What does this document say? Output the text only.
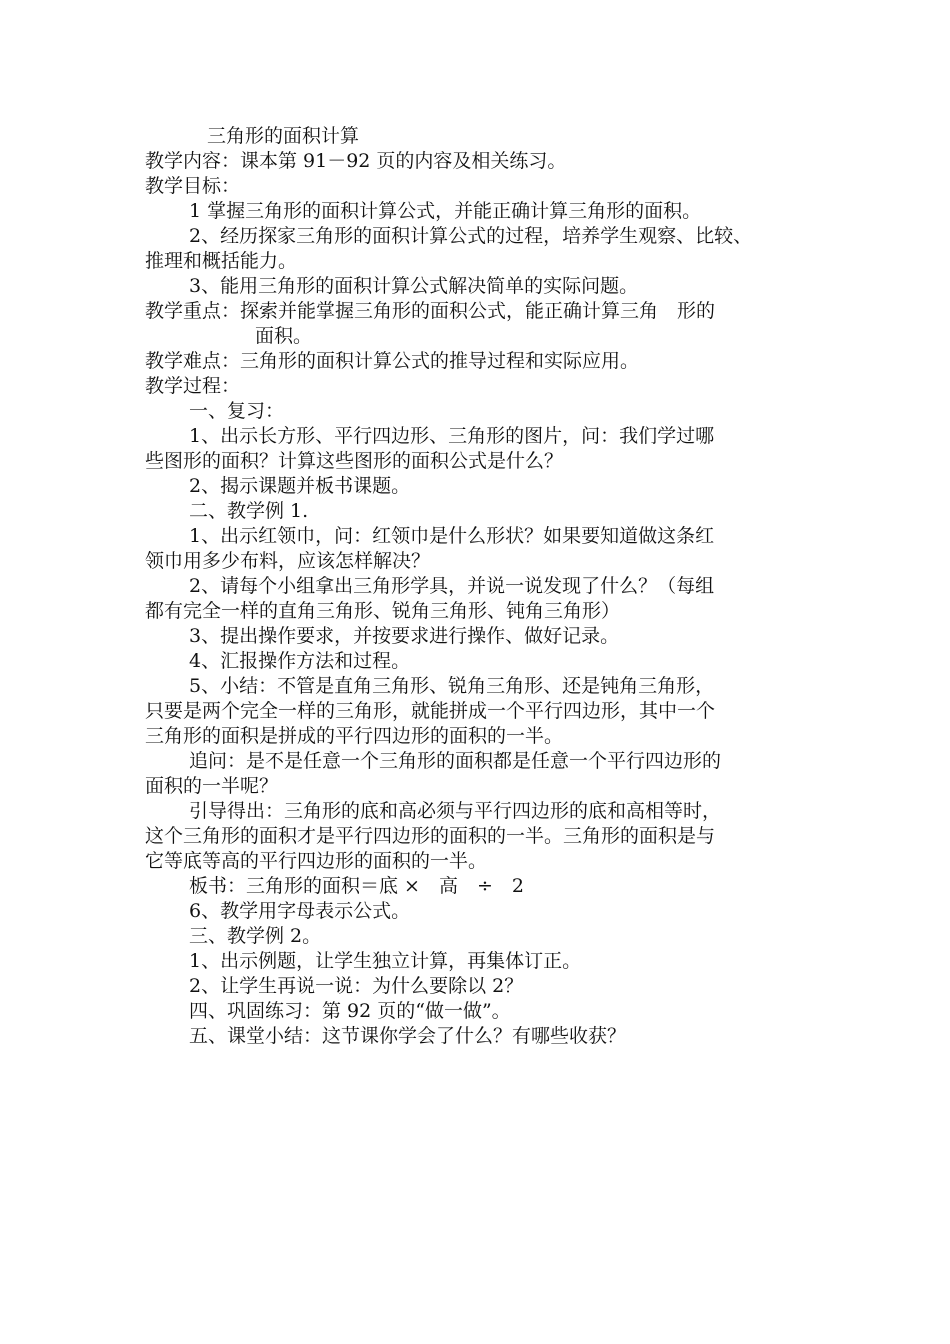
三角形的面积计算
教学内容：课本第 91－92 页的内容及相关练习。
教学目标：
1 掌握三角形的面积计算公式，并能正确计算三角形的面积。
2、经历探家三角形的面积计算公式的过程，培养学生观察、比较、
推理和概括能力。
3、能用三角形的面积计算公式解决简单的实际问题。
教学重点：探索并能掌握三角形的面积公式，能正确计算三角　形的
面积。
教学难点：三角形的面积计算公式的推导过程和实际应用。
教学过程：
一、复习：
1、出示长方形、平行四边形、三角形的图片，问：我们学过哪
些图形的面积？计算这些图形的面积公式是什么？
2、揭示课题并板书课题。
二、教学例 1.
1、出示红领巾，问：红领巾是什么形状？如果要知道做这条红
领巾用多少布料，应该怎样解决？
2、请每个小组拿出三角形学具，并说一说发现了什么？（每组
都有完全一样的直角三角形、锐角三角形、钝角三角形）
3、提出操作要求，并按要求进行操作、做好记录。
4、汇报操作方法和过程。
5、小结：不管是直角三角形、锐角三角形、还是钝角三角形，
只要是两个完全一样的三角形，就能拼成一个平行四边形，其中一个
三角形的面积是拼成的平行四边形的面积的一半。
追问：是不是任意一个三角形的面积都是任意一个平行四边形的
面积的一半呢？
引导得出：三角形的底和高必须与平行四边形的底和高相等时，
这个三角形的面积才是平行四边形的面积的一半。三角形的面积是与
它等底等高的平行四边形的面积的一半。
板书：三角形的面积＝底 ×　高　÷　2
6、教学用字母表示公式。
三、教学例 2。
1、出示例题，让学生独立计算，再集体订正。
2、让学生再说一说：为什么要除以 2？
四、巩固练习：第 92 页的“做一做”。
五、课堂小结：这节课你学会了什么？有哪些收获？
